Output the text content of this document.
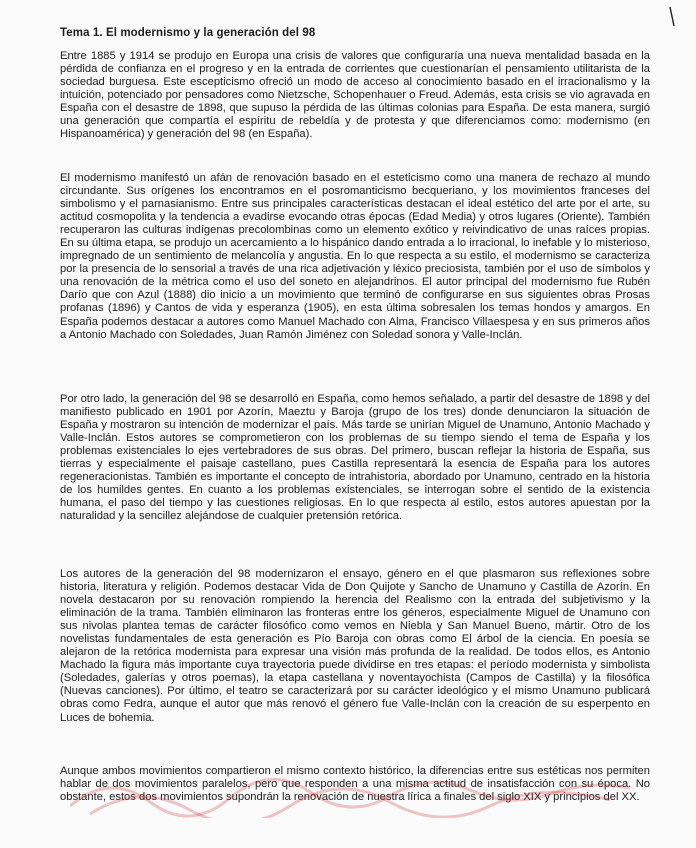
Tema 1. El modernismo y la generación del 98

Entre 1885 y 1914 se produjo en Europa una crisis de valores que configuraría una nueva mentalidad basada en la pérdida de confianza en el progreso y en la entrada de corrientes que cuestionarían el pensamiento utilitarista de la sociedad burguesa. Este escepticismo ofreció un modo de acceso al conocimiento basado en el irracionalismo y la intuición, potenciado por pensadores como Nietzsche, Schopenhauer o Freud. Además, esta crisis se vio agravada en España con el desastre de 1898, que supuso la pérdida de las últimas colonias para España. De esta manera, surgió una generación que compartía el espíritu de rebeldía y de protesta y que diferenciamos como: modernismo (en Hispanoamérica) y generación del 98 (en España).

El modernismo manifestó un afán de renovación basado en el esteticismo como una manera de rechazo al mundo circundante. Sus orígenes los encontramos en el posromanticismo becqueriano, y los movimientos franceses del simbolismo y el parnasianismo. Entre sus principales características destacan el ideal estético del arte por el arte, su actitud cosmopolita y la tendencia a evadirse evocando otras épocas (Edad Media) y otros lugares (Oriente). También recuperaron las culturas indígenas precolombinas como un elemento exótico y reivindicativo de unas raíces propias. En su última etapa, se produjo un acercamiento a lo hispánico dando entrada a lo irracional, lo inefable y lo misterioso, impregnado de un sentimiento de melancolía y angustia. En lo que respecta a su estilo, el modernismo se caracteriza por la presencia de lo sensorial a través de una rica adjetivación y léxico preciosista, también por el uso de símbolos y una renovación de la métrica como el uso del soneto en alejandrinos. El autor principal del modernismo fue Rubén Darío que con Azul (1888) dio inicio a un movimiento que terminó de configurarse en sus siguientes obras Prosas profanas (1896) y Cantos de vida y esperanza (1905), en esta última sobresalen los temas hondos y amargos. En España podemos destacar a autores como Manuel Machado con Alma, Francisco Villaespesa y en sus primeros años a Antonio Machado con Soledades, Juan Ramón Jiménez con Soledad sonora y Valle-Inclán.

Por otro lado, la generación del 98 se desarrolló en España, como hemos señalado, a partir del desastre de 1898 y del manifiesto publicado en 1901 por Azorín, Maeztu y Baroja (grupo de los tres) donde denunciaron la situación de España y mostraron su intención de modernizar el país. Más tarde se unirían Miguel de Unamuno, Antonio Machado y Valle-Inclán. Estos autores se comprometieron con los problemas de su tiempo siendo el tema de España y los problemas existenciales lo ejes vertebradores de sus obras. Del primero, buscan reflejar la historia de España, sus tierras y especialmente el paisaje castellano, pues Castilla representará la esencia de España para los autores regeneracionistas. También es importante el concepto de intrahistoria, abordado por Unamuno, centrado en la historia de los humildes gentes. En cuanto a los problemas existenciales, se interrogan sobre el sentido de la existencia humana, el paso del tiempo y las cuestiones religiosas. En lo que respecta al estilo, estos autores apuestan por la naturalidad y la sencillez alejándose de cualquier pretensión retórica.

Los autores de la generación del 98 modernizaron el ensayo, género en el que plasmaron sus reflexiones sobre historia, literatura y religión. Podemos destacar Vida de Don Quijote y Sancho de Unamuno y Castilla de Azorín. En novela destacaron por su renovación rompiendo la herencia del Realismo con la entrada del subjetivismo y la eliminación de la trama. También eliminaron las fronteras entre los géneros, especialmente Miguel de Unamuno con sus nivolas plantea temas de carácter filosófico como vemos en Niebla y San Manuel Bueno, mártir. Otro de los novelistas fundamentales de esta generación es Pío Baroja con obras como El árbol de la ciencia. En poesía se alejaron de la retórica modernista para expresar una visión más profunda de la realidad. De todos ellos, es Antonio Machado la figura más importante cuya trayectoria puede dividirse en tres etapas: el período modernista y simbolista (Soledades, galerías y otros poemas), la etapa castellana y noventayochista (Campos de Castilla) y la filosófica (Nuevas canciones). Por último, el teatro se caracterizará por su carácter ideológico y el mismo Unamuno publicará obras como Fedra, aunque el autor que más renovó el género fue Valle-Inclán con la creación de su esperpento en Luces de bohemia.

Aunque ambos movimientos compartieron el mismo contexto histórico, la diferencias entre sus estéticas nos permiten hablar de dos movimientos paralelos, pero que responden a una misma actitud de insatisfacción con su época. No obstante, estos dos movimientos supondrán la renovación de nuestra lírica a finales del siglo XIX y principios del XX.
